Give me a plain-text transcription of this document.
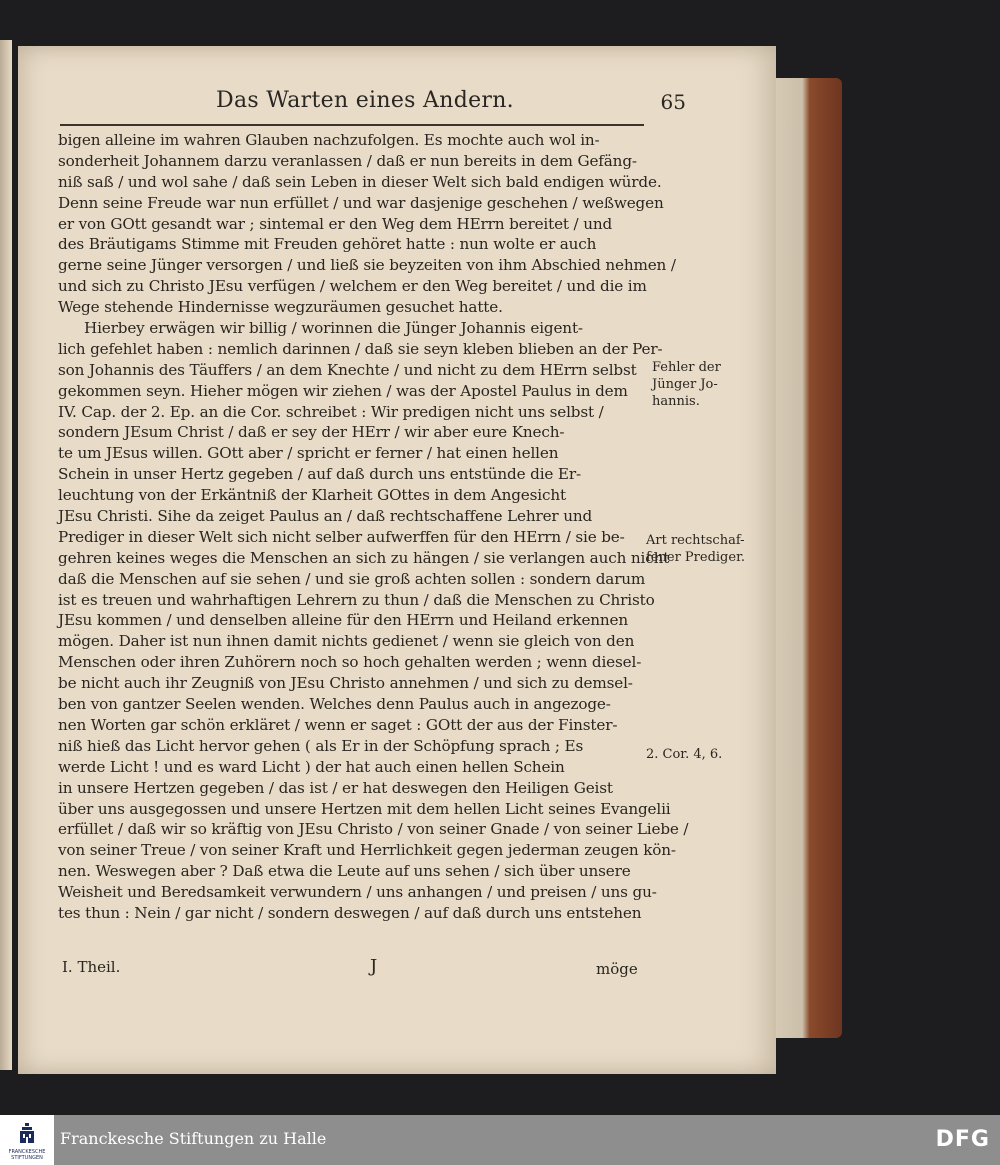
Das Warten eines Andern.	65
bigen alleine im wahren Glauben nachzufolgen. Es mochte auch wol in-
sonderheit Johannem darzu veranlassen / daß er nun bereits in dem Gefäng-
niß saß / und wol sahe / daß sein Leben in dieser Welt sich bald endigen würde.
Denn seine Freude war nun erfüllet / und war dasjenige geschehen / weßwegen
er von GOtt gesandt war ; sintemal er den Weg dem HErrn bereitet / und
des Bräutigams Stimme mit Freuden gehöret hatte : nun wolte er auch
gerne seine Jünger versorgen / und ließ sie beyzeiten von ihm Abschied nehmen /
und sich zu Christo JEsu verfügen / welchem er den Weg bereitet / und die im
Wege stehende Hindernisse wegzuräumen gesuchet hatte.
Hierbey erwägen wir billig / worinnen die Jünger Johannis eigent-
lich gefehlet haben : nemlich darinnen / daß sie seyn kleben blieben an der Per-
son Johannis des Täuffers / an dem Knechte / und nicht zu dem HErrn selbst
gekommen seyn. Hieher mögen wir ziehen / was der Apostel Paulus in dem
IV. Cap. der 2. Ep. an die Cor. schreibet : Wir predigen nicht uns selbst /
sondern JEsum Christ / daß er sey der HErr / wir aber eure Knech-
te um JEsus willen. GOtt aber / spricht er ferner / hat einen hellen
Schein in unser Hertz gegeben / auf daß durch uns entstünde die Er-
leuchtung von der Erkäntniß der Klarheit GOttes in dem Angesicht
JEsu Christi. Sihe da zeiget Paulus an / daß rechtschaffene Lehrer und
Prediger in dieser Welt sich nicht selber aufwerffen für den HErrn / sie be-
gehren keines weges die Menschen an sich zu hängen / sie verlangen auch nicht
daß die Menschen auf sie sehen / und sie groß achten sollen : sondern darum
ist es treuen und wahrhaftigen Lehrern zu thun / daß die Menschen zu Christo
JEsu kommen / und denselben alleine für den HErrn und Heiland erkennen
mögen. Daher ist nun ihnen damit nichts gedienet / wenn sie gleich von den
Menschen oder ihren Zuhörern noch so hoch gehalten werden ; wenn diesel-
be nicht auch ihr Zeugniß von JEsu Christo annehmen / und sich zu demsel-
ben von gantzer Seelen wenden. Welches denn Paulus auch in angezoge-
nen Worten gar schön erkläret / wenn er saget : GOtt der aus der Finster-
niß hieß das Licht hervor gehen ( als Er in der Schöpfung sprach ; Es
werde Licht ! und es ward Licht ) der hat auch einen hellen Schein
in unsere Hertzen gegeben / das ist / er hat deswegen den Heiligen Geist
über uns ausgegossen und unsere Hertzen mit dem hellen Licht seines Evangelii
erfüllet / daß wir so kräftig von JEsu Christo / von seiner Gnade / von seiner Liebe /
von seiner Treue / von seiner Kraft und Herrlichkeit gegen jederman zeugen kön-
nen. Weswegen aber ? Daß etwa die Leute auf uns sehen / sich über unsere
Weisheit und Beredsamkeit verwundern / uns anhangen / und preisen / uns gu-
tes thun : Nein / gar nicht / sondern deswegen / auf daß durch uns entstehen
Fehler der
Jünger Jo-
hannis.
Art rechtschaf-
fener Prediger.
2. Cor. 4, 6.
I. Theil.	J	möge
FRANCKESCHE STIFTUNGEN
Franckesche Stiftungen zu Halle	DFG
